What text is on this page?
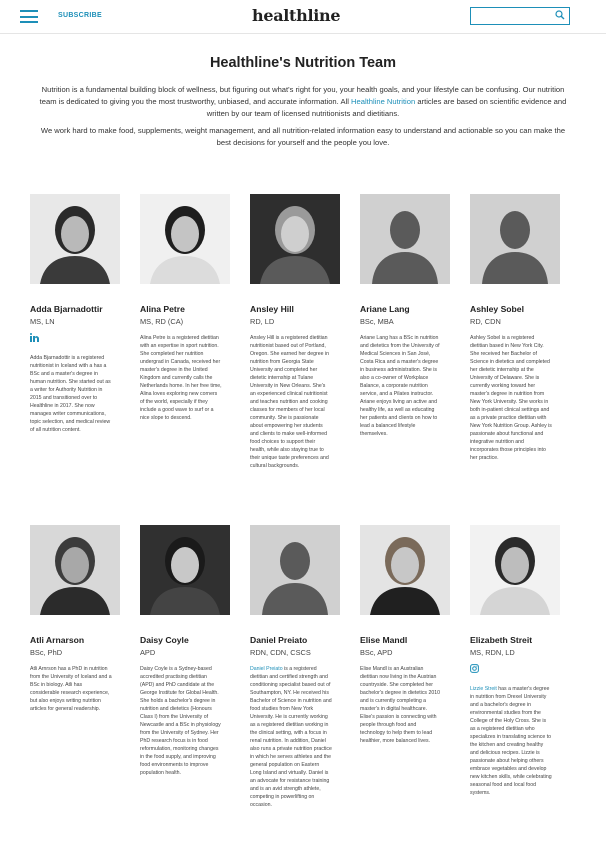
SUBSCRIBE	healthline
Healthline's Nutrition Team

Nutrition is a fundamental building block of wellness, but figuring out what's right for you, your health goals, and your lifestyle can be confusing. Our nutrition team is dedicated to giving you the most trustworthy, unbiased, and accurate information. All Healthline Nutrition articles are based on scientific evidence and written by our team of licensed nutritionists and dietitians.

We work hard to make food, supplements, weight management, and all nutrition-related information easy to understand and actionable so you can make the best decisions for yourself and the people you love.

Adda Bjarnadottir
MS, LN
Adda Bjarnadottir is a registered nutritionist in Iceland with a has a BSc and a master's degree in human nutrition. She started out as a writer for Authority Nutrition in 2015 and transitioned over to Healthline in 2017. She now manages writer communications, topic selection, and medical review of all nutrition content.
Alina Petre
MS, RD (CA)
Alina Petre is a registered dietitian with an expertise in sport nutrition. She completed her nutrition undergrad in Canada, received her master's degree in the United Kingdom and currently calls the Netherlands home. In her free time, Alina loves exploring new corners of the world, especially if they include a good wave to surf or a nice slope to descend.
Ansley Hill
RD, LD
Ansley Hill is a registered dietitian nutritionist based out of Portland, Oregon. She earned her degree in nutrition from Georgia State University and completed her dietetic internship at Tulane University in New Orleans. She's an experienced clinical nutritionist and teaches nutrition and cooking classes for members of her local community. She is passionate about empowering her students and clients to make well-informed food choices to support their health, while also staying true to their unique taste preferences and cultural backgrounds.
Ariane Lang
BSc, MBA
Ariane Lang has a BSc in nutrition and dietetics from the University of Medical Sciences in San José, Costa Rica and a master's degree in business administration. She is also a co-owner of Workplace Balance, a corporate nutrition service, and a Pilates instructor. Ariane enjoys living an active and healthy life, as well as educating her patients and clients on how to lead a balanced lifestyle themselves.
Ashley Sobel
RD, CDN
Ashley Sobel is a registered dietitian based in New York City. She received her Bachelor of Science in dietetics and completed her dietetic internship at the University of Delaware. She is currently working toward her master's degree in nutrition from New York University. She works in both in-patient clinical settings and as a private practice dietitian with New York Nutrition Group. Ashley is passionate about functional and integrative nutrition and incorporates those principles into her practice.
Atli Arnarson
BSc, PhD
Atli Arnrson has a PhD in nutrition from the University of Iceland and a BSc in biology. Atli has considerable research experience, but also enjoys writing nutrition articles for general readership.
Daisy Coyle
APD
Daisy Coyle is a Sydney-based accredited practising dietitian (APD) and PhD candidate at the George Institute for Global Health. She holds a bachelor's degree in nutrition and dietetics (Honours Class I) from the University of Newcastle and a BSc in physiology from the University of Sydney. Her PhD research focus is in food reformulation, monitoring changes in the food supply, and improving food environments to improve population health.
Daniel Preiato
RDN, CDN, CSCS
Daniel Preiato is a registered dietitian and certified strength and conditioning specialist based out of Southampton, NY. He received his Bachelor of Science in nutrition and food studies from New York University. He is currently working as a registered dietitian working in the clinical setting, with a focus in renal nutrition. In addition, Daniel also runs a private nutrition practice in which he serves athletes and the general population on Eastern Long Island and virtually. Daniel is an advocate for resistance training and is an avid strength athlete, competing in powerlifting on occasion.
Elise Mandl
BSc, APD
Elise Mandl is an Australian dietitian now living in the Austrian countryside. She completed her bachelor's degree in dietetics 2010 and is currently completing a master's in digital healthcare. Elise's passion is connecting with people through food and technology to help them to lead healthier, more balanced lives.
Elizabeth Streit
MS, RDN, LD
Lizzie Streit has a master's degree in nutrition from Drexel University and a bachelor's degree in environmental studies from the College of the Holy Cross. She is as a registered dietitian who specializes in translating science to the kitchen and creating healthy and delicious recipes. Lizzie is passionate about helping others embrace vegetables and develop new kitchen skills, while celebrating seasonal food and local food systems.
